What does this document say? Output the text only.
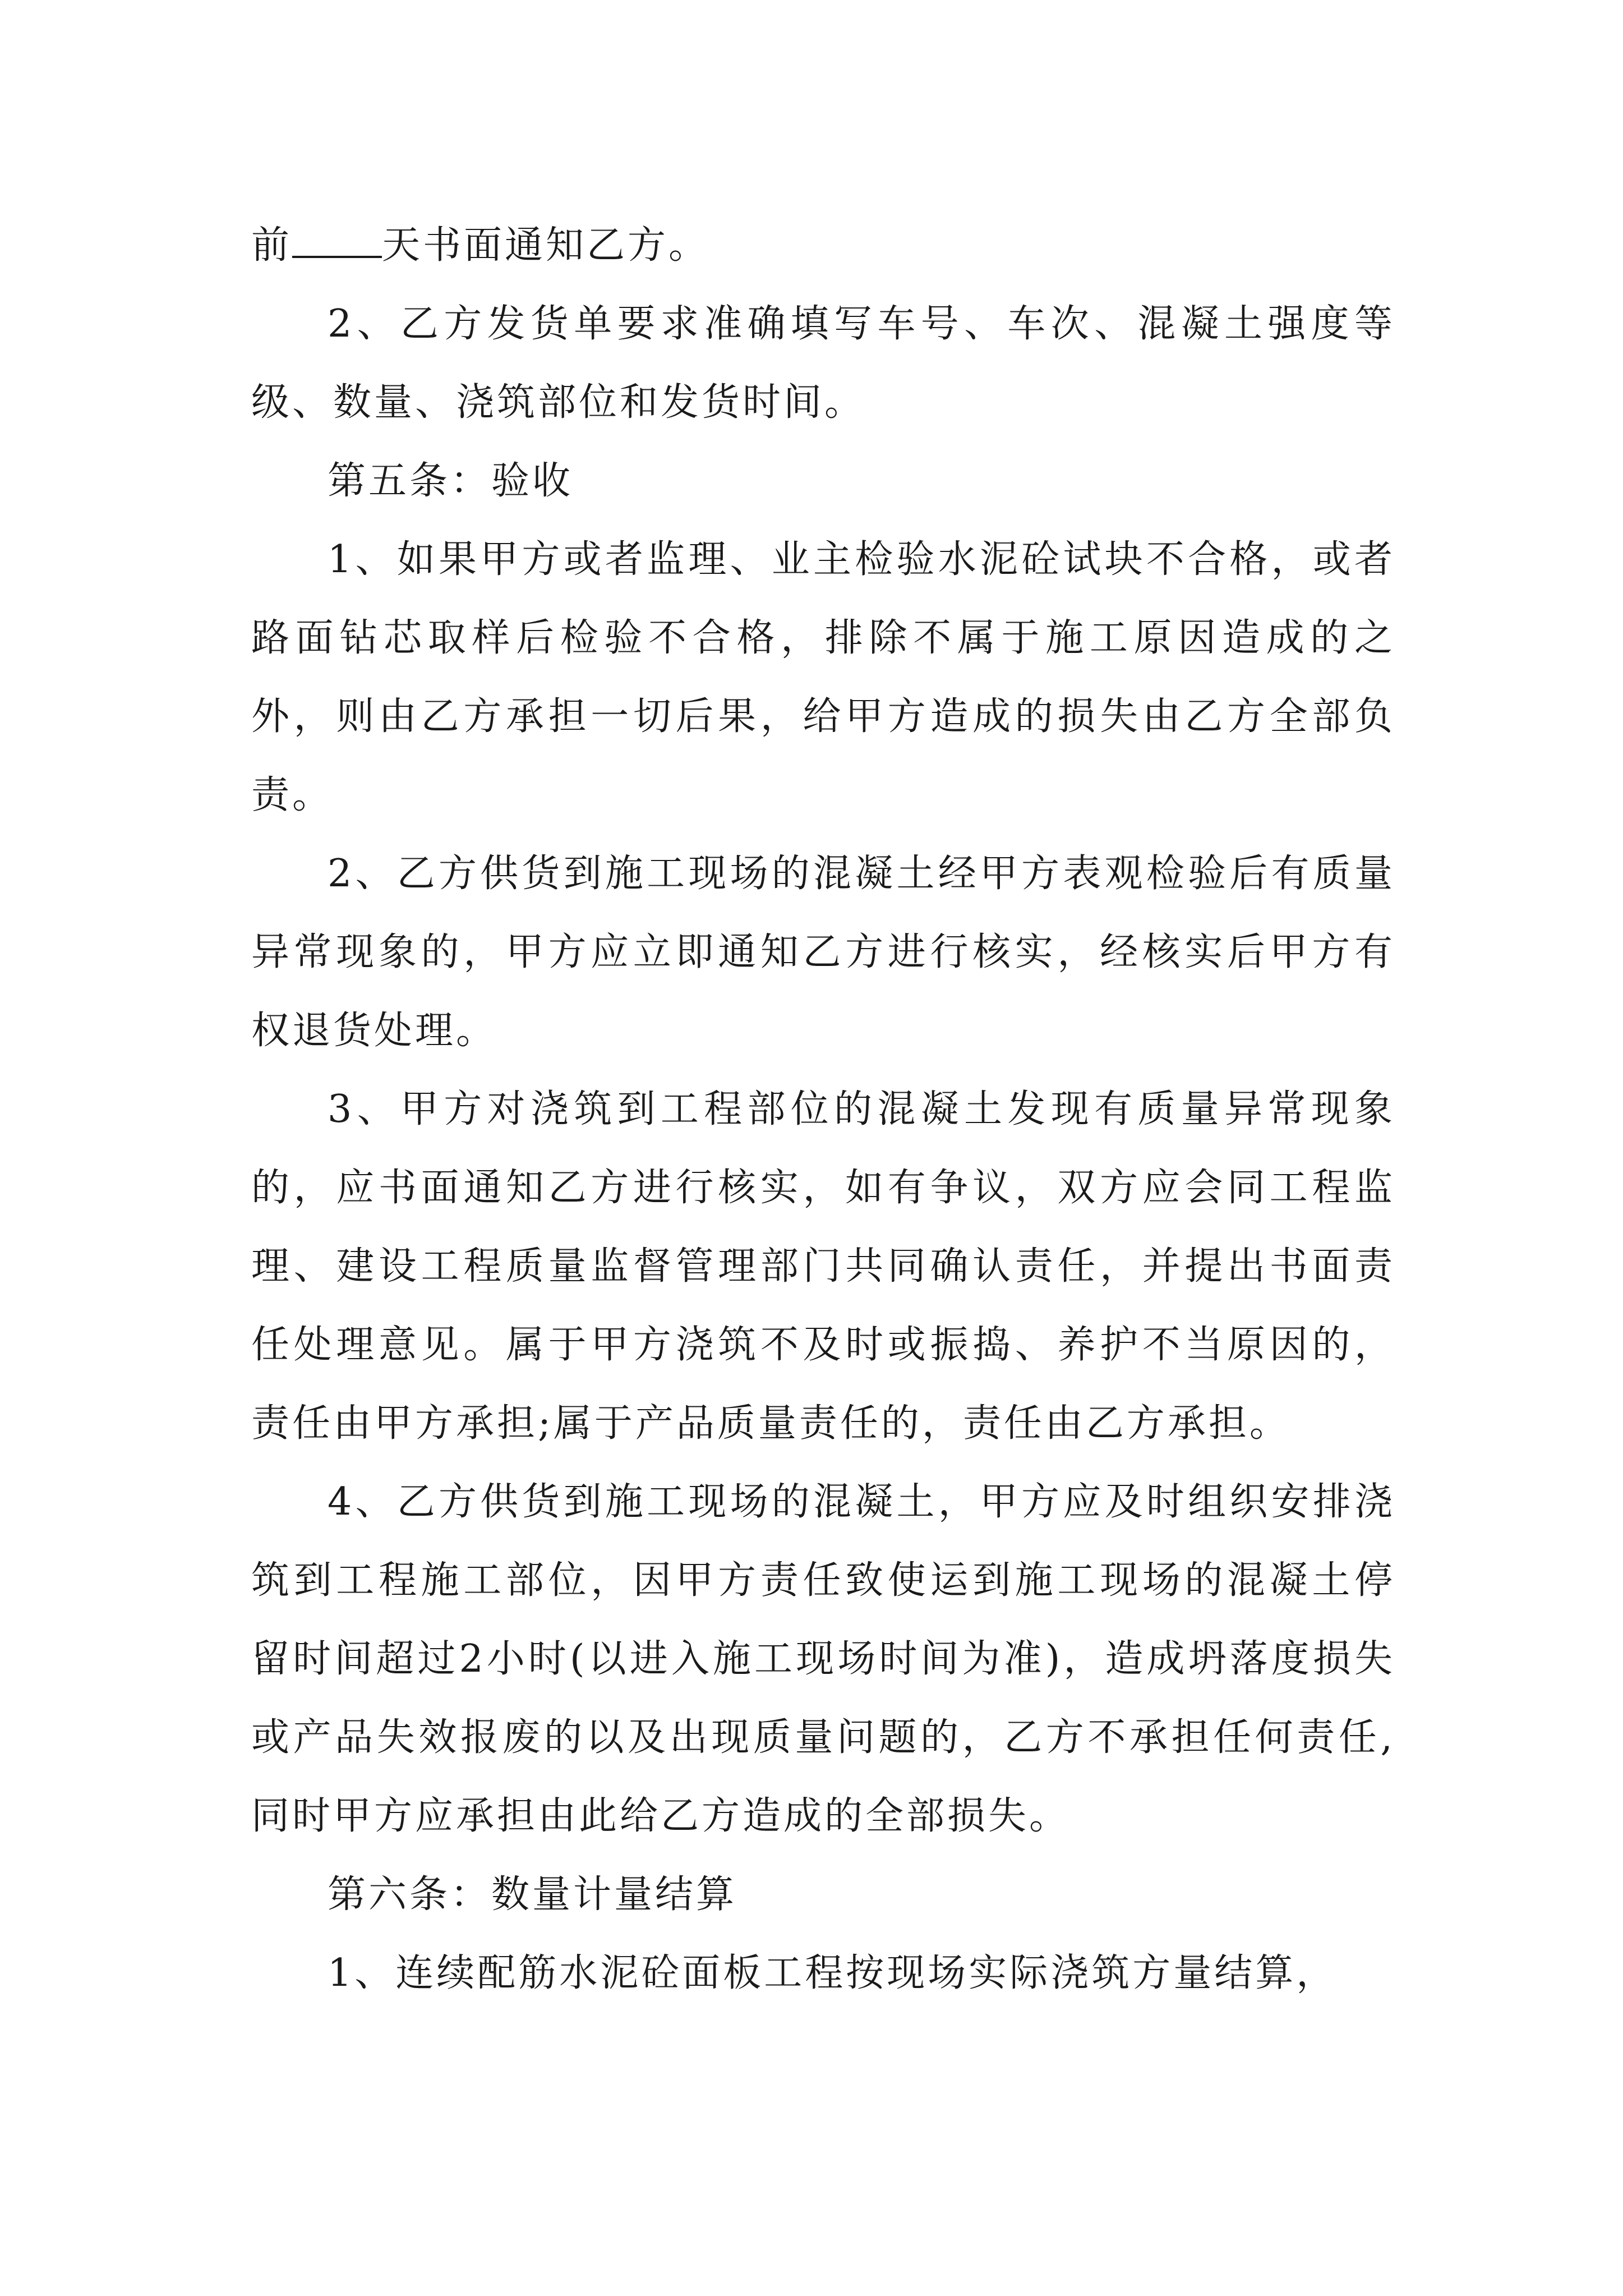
前 天书面通知乙方。

2、乙方发货单要求准确填写车号、车次、混凝土强度等级、数量、浇筑部位和发货时间。

第五条：验收

1、如果甲方或者监理、业主检验水泥砼试块不合格，或者路面钻芯取样后检验不合格，排除不属于施工原因造成的之外，则由乙方承担一切后果，给甲方造成的损失由乙方全部负责。

2、乙方供货到施工现场的混凝土经甲方表观检验后有质量异常现象的，甲方应立即通知乙方进行核实，经核实后甲方有权退货处理。

3、甲方对浇筑到工程部位的混凝土发现有质量异常现象的，应书面通知乙方进行核实，如有争议，双方应会同工程监理、建设工程质量监督管理部门共同确认责任，并提出书面责任处理意见。属于甲方浇筑不及时或振捣、养护不当原因的，责任由甲方承担;属于产品质量责任的，责任由乙方承担。

4、乙方供货到施工现场的混凝土，甲方应及时组织安排浇筑到工程施工部位，因甲方责任致使运到施工现场的混凝土停留时间超过2小时(以进入施工现场时间为准)，造成坍落度损失或产品失效报废的以及出现质量问题的，乙方不承担任何责任,同时甲方应承担由此给乙方造成的全部损失。

第六条：数量计量结算

1、连续配筋水泥砼面板工程按现场实际浇筑方量结算，
